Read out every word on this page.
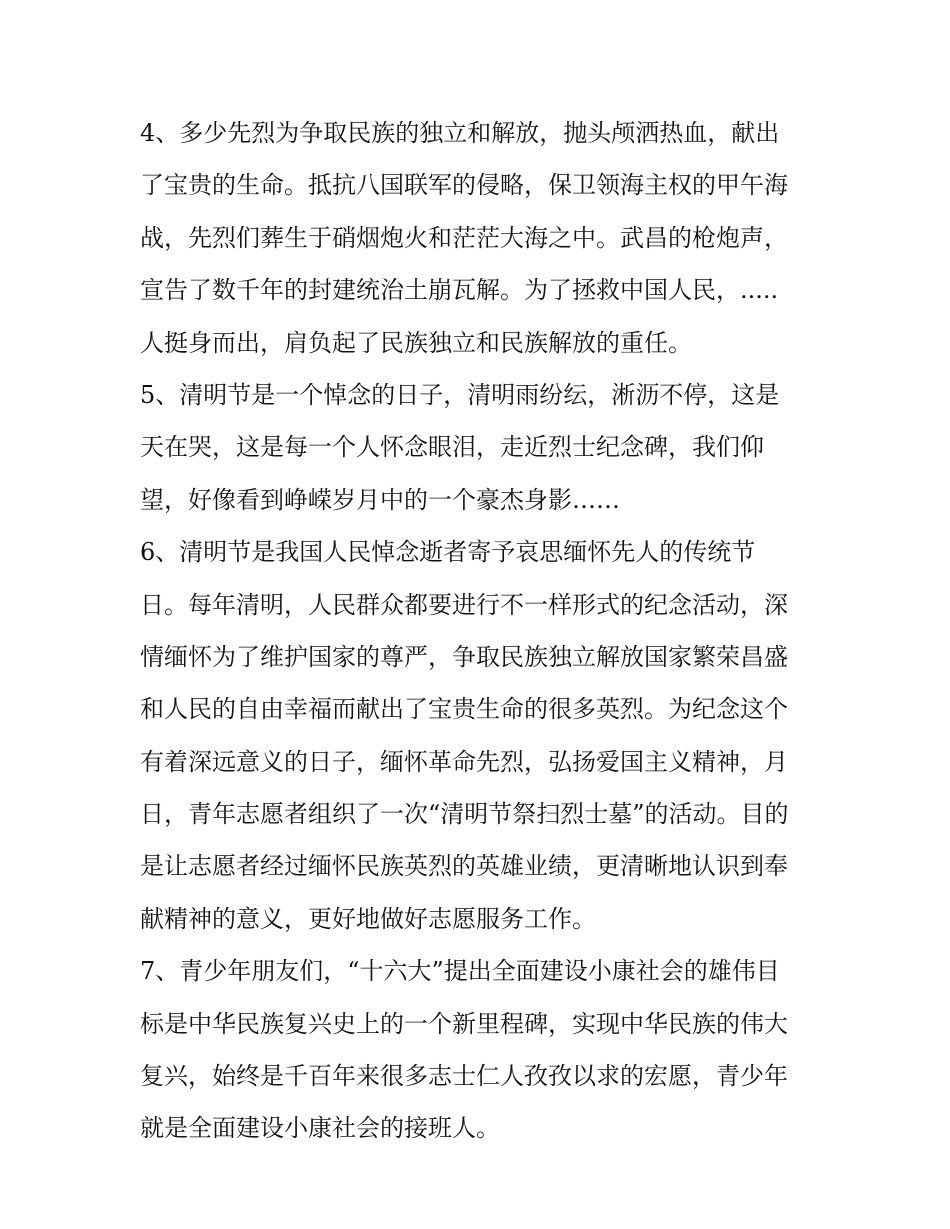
4、多少先烈为争取民族的独立和解放，抛头颅洒热血，献出
了宝贵的生命。抵抗八国联军的侵略，保卫领海主权的甲午海
战，先烈们葬生于硝烟炮火和茫茫大海之中。武昌的枪炮声，
宣告了数千年的封建统治土崩瓦解。为了拯救中国人民，.....
人挺身而出，肩负起了民族独立和民族解放的重任。
5、清明节是一个悼念的日子，清明雨纷纭，淅沥不停，这是
天在哭，这是每一个人怀念眼泪，走近烈士纪念碑，我们仰
望，好像看到峥嵘岁月中的一个豪杰身影……
6、清明节是我国人民悼念逝者寄予哀思缅怀先人的传统节
日。每年清明，人民群众都要进行不一样形式的纪念活动，深
情缅怀为了维护国家的尊严，争取民族独立解放国家繁荣昌盛
和人民的自由幸福而献出了宝贵生命的很多英烈。为纪念这个
有着深远意义的日子，缅怀革命先烈，弘扬爱国主义精神，月
日，青年志愿者组织了一次“清明节祭扫烈士墓”的活动。目的
是让志愿者经过缅怀民族英烈的英雄业绩，更清晰地认识到奉
献精神的意义，更好地做好志愿服务工作。
7、青少年朋友们，“十六大”提出全面建设小康社会的雄伟目
标是中华民族复兴史上的一个新里程碑，实现中华民族的伟大
复兴，始终是千百年来很多志士仁人孜孜以求的宏愿，青少年
就是全面建设小康社会的接班人。
